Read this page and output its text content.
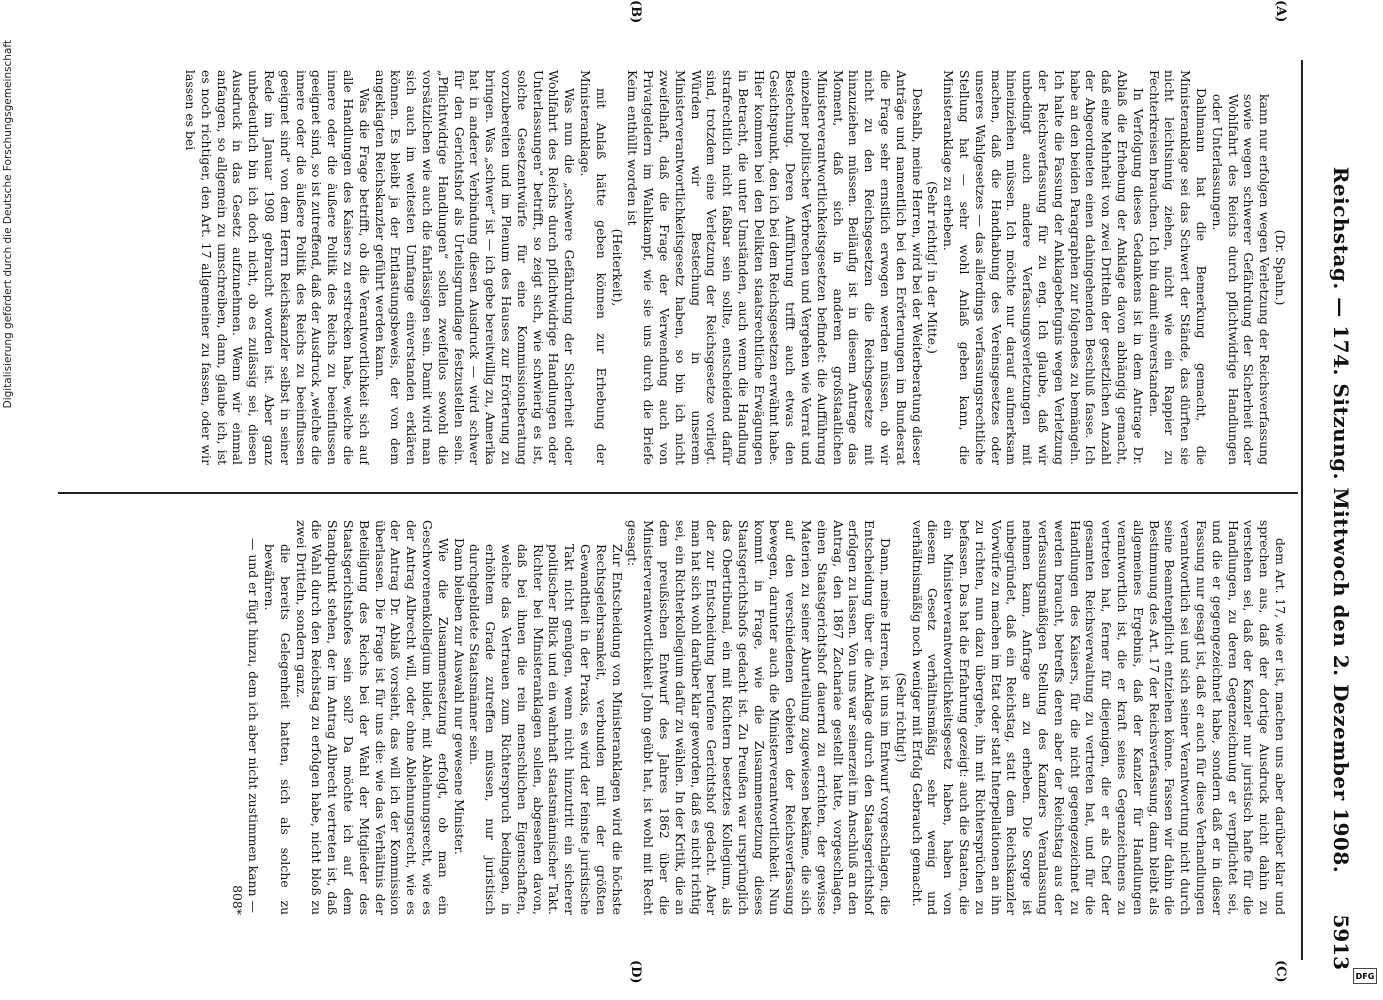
Reichstag. — 174. Sitzung. Mittwoch den 2. Dezember 1908.
5913
(A)
(B)
(C)
(D)

(Dr. Spahn.)

kann nur erfolgen wegen Verletzung der Reichsverfassung sowie wegen schwerer Gefährdung der Sicherheit oder Wohlfahrt des Reichs durch pflichtwidrige Handlungen oder Unterlassungen.

Dahlmann hat die Bemerkung gemacht, die Ministeranklage sei das Schwert der Stände, das dürften sie nicht leichtsinnig ziehen, nicht wie ein Rappier zu Fechterkreisen brauchen. Ich bin damit einverstanden.

In Verfolgung dieses Gedankens ist in dem Antrage Dr. Ablaß die Erhebung der Anklage davon abhängig gemacht, daß eine Mehrheit von zwei Dritteln der gesetzlichen Anzahl der Abgeordneten einen dahingehenden Beschluß fasse. Ich habe an den beiden Paragraphen zur folgendes zu bemängeln. Ich halte die Fassung der Anklagebefugnis wegen Verletzung der Reichsverfassung für zu eng. Ich glaube, daß wir unbedingt auch andere Verfassungsverletzungen mit hineinziehen müssen. Ich möchte nur darauf aufmerksam machen, daß die Handhabung des Vereinsgesetzes oder unseres Wahlgesetzes — das allerdings verfassungsrechtliche Stellung hat — sehr wohl Anlaß geben kann, die Ministeranklage zu erheben.

(Sehr richtig! in der Mitte.)

Deshalb, meine Herren, wird bei der Weiterberatung dieser Anträge und namentlich bei den Erörterungen im Bundesrat die Frage sehr ernstlich erwogen werden müssen, ob wir nicht zu den Reichsgesetzen die Reichsgesetze mit hinzuziehen müssen. Beiläufig ist in diesem Antrage das Moment, daß sich in anderen großstaatlichen Ministerverantwortlichkeitsgesetzen befindet: die Aufführung einzelner politischer Verbrechen und Vergehen wie Verrat und Bestechung. Deren Aufführung trifft auch etwas den Gesichtspunkt, den ich bei dem Reichsgesetzen erwähnt habe. Hier kommen bei den Delikten staatsrechtliche Erwägungen in Betracht, die unter Umständen, auch wenn die Handlung strafrechtlich nicht faßbar sein sollte, entscheidend dafür sind, trotzdem eine Verletzung der Reichsgesetze vorliegt. Würden wir Bestechung in unserem Ministerverantwortlichkeitsgesetz haben, so bin ich nicht zweifelhaft, daß die Frage der Verwendung auch von Privatgeldern im Wahlkampf, wie sie uns durch die Briefe Keim enthüllt worden ist

(Heiterkeit),

mit Anlaß hätte geben können zur Erhebung der Ministeranklage.

Was nun die „schwere Gefährdung der Sicherheit oder Wohlfahrt des Reichs durch pflichtwidrige Handlungen oder Unterlassungen“ betrifft, so zeigt sich, wie schwierig es ist, solche Gesetzentwürfe für eine Kommissionsberatung vorzubereiten und im Plenum des Hauses zur Erörterung zu bringen. Was „schwer“ ist — ich gebe bereitwillig zu, Amerika hat in anderer Verbindung diesen Ausdruck — wird schwer für den Gerichtshof als Urteilsgrundlage festzustellen sein. „Pflichtwidrige Handlungen“ sollen zweifellos sowohl die vorsätzlichen wie auch die fahrlässigen sein. Damit wird man sich auch im weitesten Umfange einverstanden erklären können. Es bleibt ja der Entlastungsbeweis, der von dem angeklagten Reichskanzler geführt werden kann.

Was die Frage betrifft, ob die Verantwortlichkeit sich auf alle Handlungen des Kaisers zu erstrecken habe, welche die innere oder die äußere Politik des Reichs zu beeinflussen geeignet sind, so ist zutreffend, daß der Ausdruck „welche die innere oder die äußere Politik des Reichs zu beeinflussen geeignet sind“ von dem Herrn Reichskanzler selbst in seiner Rede im Januar 1908 gebraucht worden ist. Aber ganz unbedeutlich bin ich doch nicht, ob es zulässig sei, diesen Ausdruck in das Gesetz aufzunehmen. Wenn wir einmal anfangen, so allgemein zu umschreiben, dann, glaube ich, ist es noch richtiger, den Art. 17 allgemeiner zu fassen, oder wir lassen es bei

dem Art. 17, wie er ist, machen uns aber darüber klar und sprechen aus, daß der dortige Ausdruck nicht dahin zu verstehen sei, daß der Kanzler nur juristisch hafte für die Handlungen, zu deren Gegenzeichnung er verpflichtet sei, und die er gegengezeichnet habe, sondern daß er in dieser Fassung nur gesagt ist, daß er auch für diese Verhandlungen verantwortlich sei und sich seiner Verantwortung nicht durch seine Beamtenpflicht entziehen könne. Fassen wir dahin die Bestimmung des Art. 17 der Reichsverfassung, dann bleibt als allgemeines Ergebnis, daß der Kanzler für Handlungen verantwortlich ist, die er kraft seines Gegenzeichnens zu vertreten hat, ferner für diejenigen, die er als Chef der gesamten Reichsverwaltung zu vertreten hat, und für die Handlungen des Kaisers, für die nicht gegengezeichnet zu werden braucht, betreffs deren aber der Reichstag aus der verfassungsmäßigen Stellung des Kanzlers Veranlassung nehmen kann, Anfrage an zu erheben. Die Sorge ist unbegründet, daß ein Reichstag, statt dem Reichskanzler Vorwürfe zu machen im Etat oder statt Interpellationen an ihn zu richten, nun dazu übergehe, ihn mit Richtersprüchen zu befassen. Das hat die Erfahrung gezeigt: auch die Staaten, die ein Ministerverantwortlichkeitsgesetz haben, haben von diesem Gesetz verhältnismäßig sehr wenig und verhältnismäßig noch weniger mit Erfolg Gebrauch gemacht.

(Sehr richtig!)

Dann, meine Herren, ist uns im Entwurf vorgeschlagen, die Entscheidung über die Anklage durch den Staatsgerichtshof erfolgen zu lassen. Von uns war seinerzeit im Anschluß an den Antrag, den 1867 Zachariae gestellt hatte, vorgeschlagen, einen Staatsgerichtshof dauernd zu errichten, der gewisse Materien zu seiner Aburteilung zugewiesen bekäme, die sich auf den verschiedenen Gebieten der Reichsverfassung bewegen, darunter auch die Ministerverantwortlichkeit. Nun kommt in Frage, wie die Zusammensetzung dieses Staatsgerichtshofs gedacht ist. Zu Preußen war ursprünglich das Obertribunal, ein mit Richtern besetztes Kollegium, als der zur Entscheidung berufene Gerichtshof gedacht. Aber man hat sich wohl darüber klar geworden, daß es nicht richtig sei, ein Richterkollegium dafür zu wählen. In der Kritik, die an dem preußischen Entwurf des Jahres 1862 über die Ministerverantwortlichkeit John geübt hat, ist wohl mit Recht gesagt:

Zur Entscheidung von Ministeranklagen wird die höchste Rechtsgelehrsamkeit, verbunden mit der größten Gewandtheit in der Praxis, es wird der feinste juristische Takt nicht genügen, wenn nicht hinzutritt ein sicherer politischer Blick und ein wahrhaft staatsmännischer Takt. Richter bei Ministeranklagen sollen, abgesehen davon, daß bei ihnen die rein menschlichen Eigenschaften, welche das Vertrauen zum Richterspruch bedingen, in erhöhtem Grade zutreffen müssen, nur juristisch durchgebildete Staatsmänner sein.

Dann bleiben zur Auswahl nur gewesene Minister.

Wie die Zusammensetzung erfolgt, ob man ein Geschworenenkollegium bildet, mit Ablehnungsrecht, wie es der Antrag Albrecht will, oder ohne Ablehnungsrecht, wie es der Antrag Dr. Ablaß vorsieht, das will ich der Kommission überlassen. Die Frage ist für uns die: wie das Verhältnis der Beteiligung des Reichs bei der Wahl der Mitglieder des Staatsgerichtshofes sein soll? Da möchte ich auf dem Standpunkt stehen, der im Antrag Albrecht vertreten ist, daß die Wahl durch den Reichstag zu erfolgen habe, nicht bloß zu zwei Dritteln, sondern ganz.

die bereits Gelegenheit hatten, sich als solche zu bewähren.

— und er fügt hinzu, dem ich aber nicht zustimmen kann —

808*

Digitalisierung gefördert durch die Deutsche Forschungsgemeinschaft
DFG
